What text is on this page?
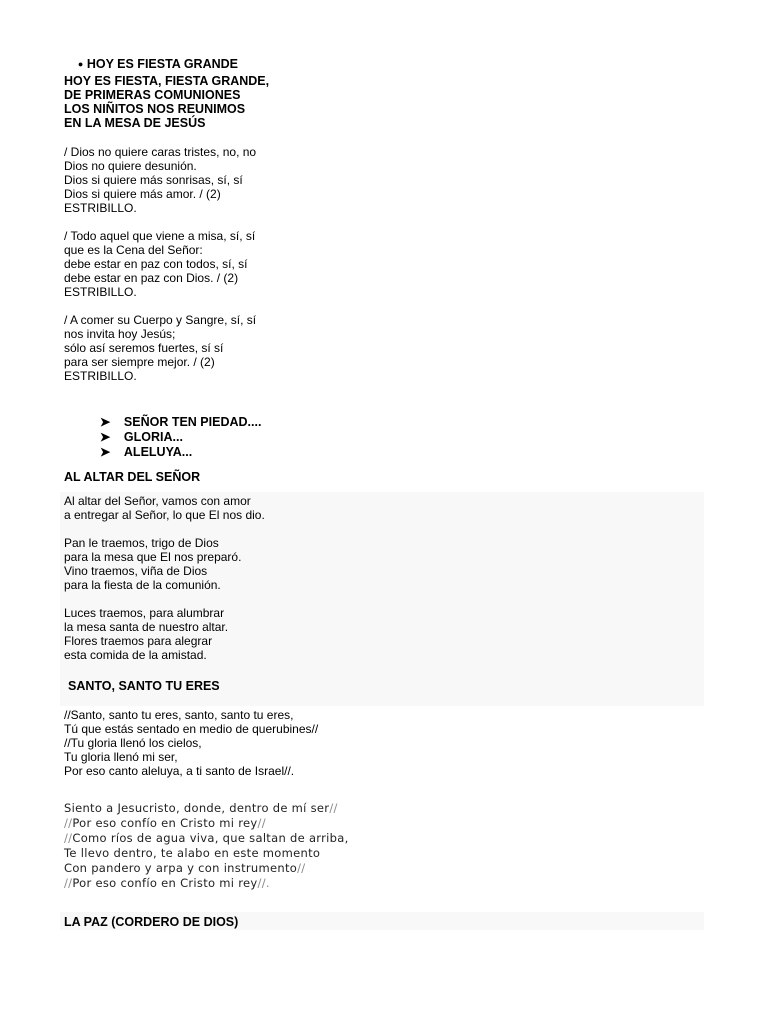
● HOY ES FIESTA GRANDE

HOY ES FIESTA, FIESTA GRANDE,
DE PRIMERAS COMUNIONES
LOS NIÑITOS NOS REUNIMOS
EN LA MESA DE JESÚS
/ Dios no quiere caras tristes, no, no
Dios no quiere desunión.
Dios si quiere más sonrisas, sí, sí
Dios si quiere más amor. / (2)
ESTRIBILLO.
/ Todo aquel que viene a misa, sí, sí
que es la Cena del Señor:
debe estar en paz con todos, sí, sí
debe estar en paz con Dios. / (2)
ESTRIBILLO.
/ A comer su Cuerpo y Sangre, sí, sí
nos invita hoy Jesús;
sólo así seremos fuertes, sí sí
para ser siempre mejor. / (2)
ESTRIBILLO.

➤ SEÑOR TEN PIEDAD....

➤ GLORIA...

➤ ALELUYA...

AL ALTAR DEL SEÑOR
Al altar del Señor, vamos con amor
a entregar al Señor, lo que El nos dio.
Pan le traemos, trigo de Dios
para la mesa que El nos preparó.
Vino traemos, viña de Dios
para la fiesta de la comunión.
Luces traemos, para alumbrar
la mesa santa de nuestro altar.
Flores traemos para alegrar
esta comida de la amistad.
SANTO, SANTO TU ERES
//Santo, santo tu eres, santo, santo tu eres,
Tú que estás sentado en medio de querubines//
//Tu gloria llenó los cielos,
Tu gloria llenó mi ser,
Por eso canto aleluya, a ti santo de Israel//.
Siento a Jesucristo, donde, dentro de mí ser//
//Por eso confío en Cristo mi rey//
//Como ríos de agua viva, que saltan de arriba,
Te llevo dentro, te alabo en este momento
Con pandero y arpa y con instrumento//
//Por eso confío en Cristo mi rey//.
LA PAZ (CORDERO DE DIOS)
